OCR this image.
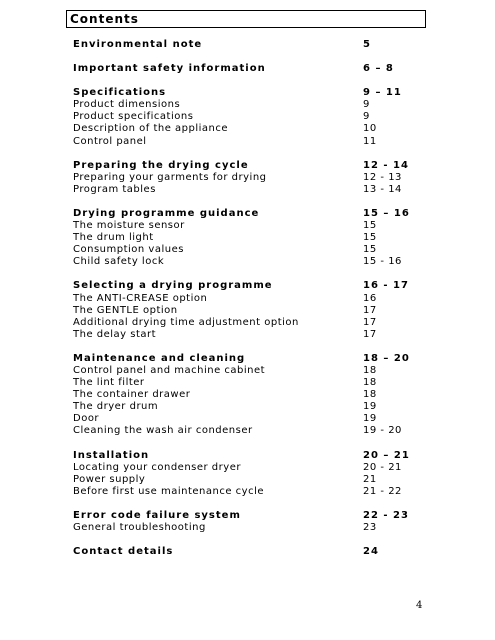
Contents
Environmental note	5
Important safety information	6 – 8
Specifications	9 – 11
Product dimensions	9
Product specifications	9
Description of the appliance	10
Control panel	11
Preparing the drying cycle	12 - 14
Preparing your garments for drying	12 - 13
Program tables	13 - 14
Drying programme guidance	15 – 16
The moisture sensor	15
The drum light	15
Consumption values	15
Child safety lock	15 - 16
Selecting a drying programme	16 - 17
The ANTI-CREASE option	16
The GENTLE option	17
Additional drying time adjustment option	17
The delay start	17
Maintenance and cleaning	18 – 20
Control panel and machine cabinet	18
The lint filter	18
The container drawer	18
The dryer drum	19
Door	19
Cleaning the wash air condenser	19 - 20
Installation	20 – 21
Locating your condenser dryer	20 - 21
Power supply	21
Before first use maintenance cycle	21 - 22
Error code failure system	22 - 23
General troubleshooting	23
Contact details	24
4
